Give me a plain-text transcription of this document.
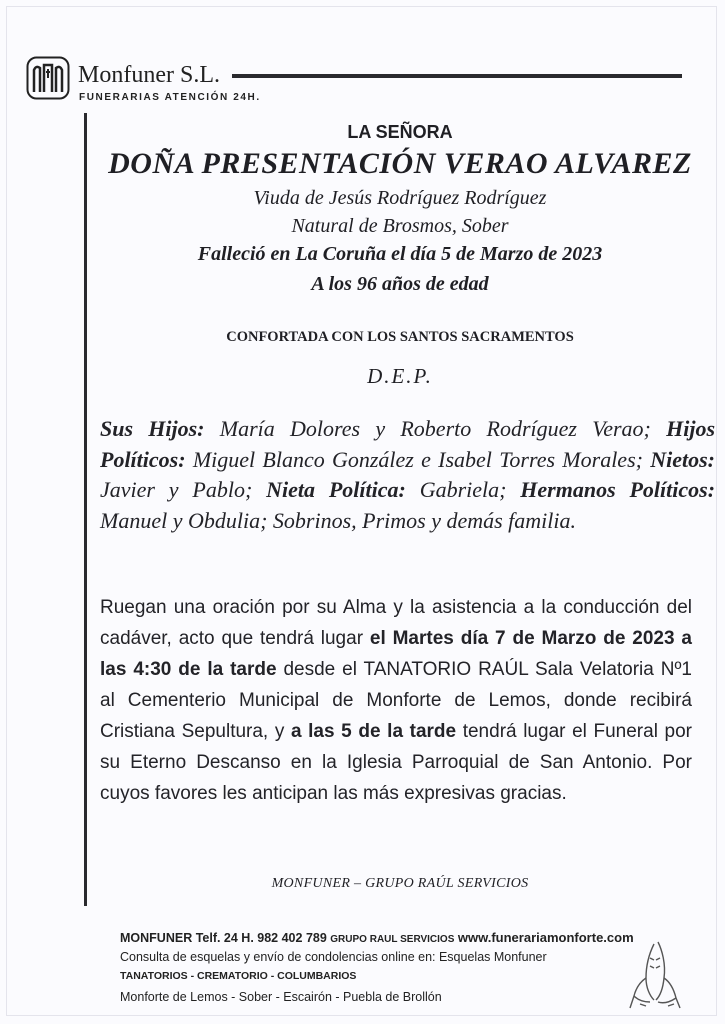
Monfuner S.L.
FUNERARIAS ATENCIÓN 24H.
LA SEÑORA
DOÑA PRESENTACIÓN VERAO ALVAREZ
Viuda de Jesús Rodríguez Rodríguez
Natural de Brosmos, Sober
Falleció en La Coruña el día 5 de Marzo de 2023
A los 96 años de edad
CONFORTADA CON LOS SANTOS SACRAMENTOS
D.E.P.
Sus Hijos: María Dolores y Roberto Rodríguez Verao; Hijos Políticos: Miguel Blanco González e Isabel Torres Morales; Nietos: Javier y Pablo; Nieta Política: Gabriela; Hermanos Políticos: Manuel y Obdulia; Sobrinos, Primos y demás familia.
Ruegan una oración por su Alma y la asistencia a la conducción del cadáver, acto que tendrá lugar el Martes día 7 de Marzo de 2023 a las 4:30 de la tarde desde el TANATORIO RAÚL Sala Velatoria Nº1 al Cementerio Municipal de Monforte de Lemos, donde recibirá Cristiana Sepultura, y a las 5 de la tarde tendrá lugar el Funeral por su Eterno Descanso en la Iglesia Parroquial de San Antonio. Por cuyos favores les anticipan las más expresivas gracias.
MONFUNER – GRUPO RAÚL SERVICIOS
MONFUNER Telf. 24 H. 982 402 789 GRUPO RAUL SERVICIOS www.funerariamonforte.com
Consulta de esquelas y envío de condolencias online en: Esquelas Monfuner
TANATORIOS - CREMATORIO - COLUMBARIOS
Monforte de Lemos - Sober - Escairón - Puebla de Brollón
